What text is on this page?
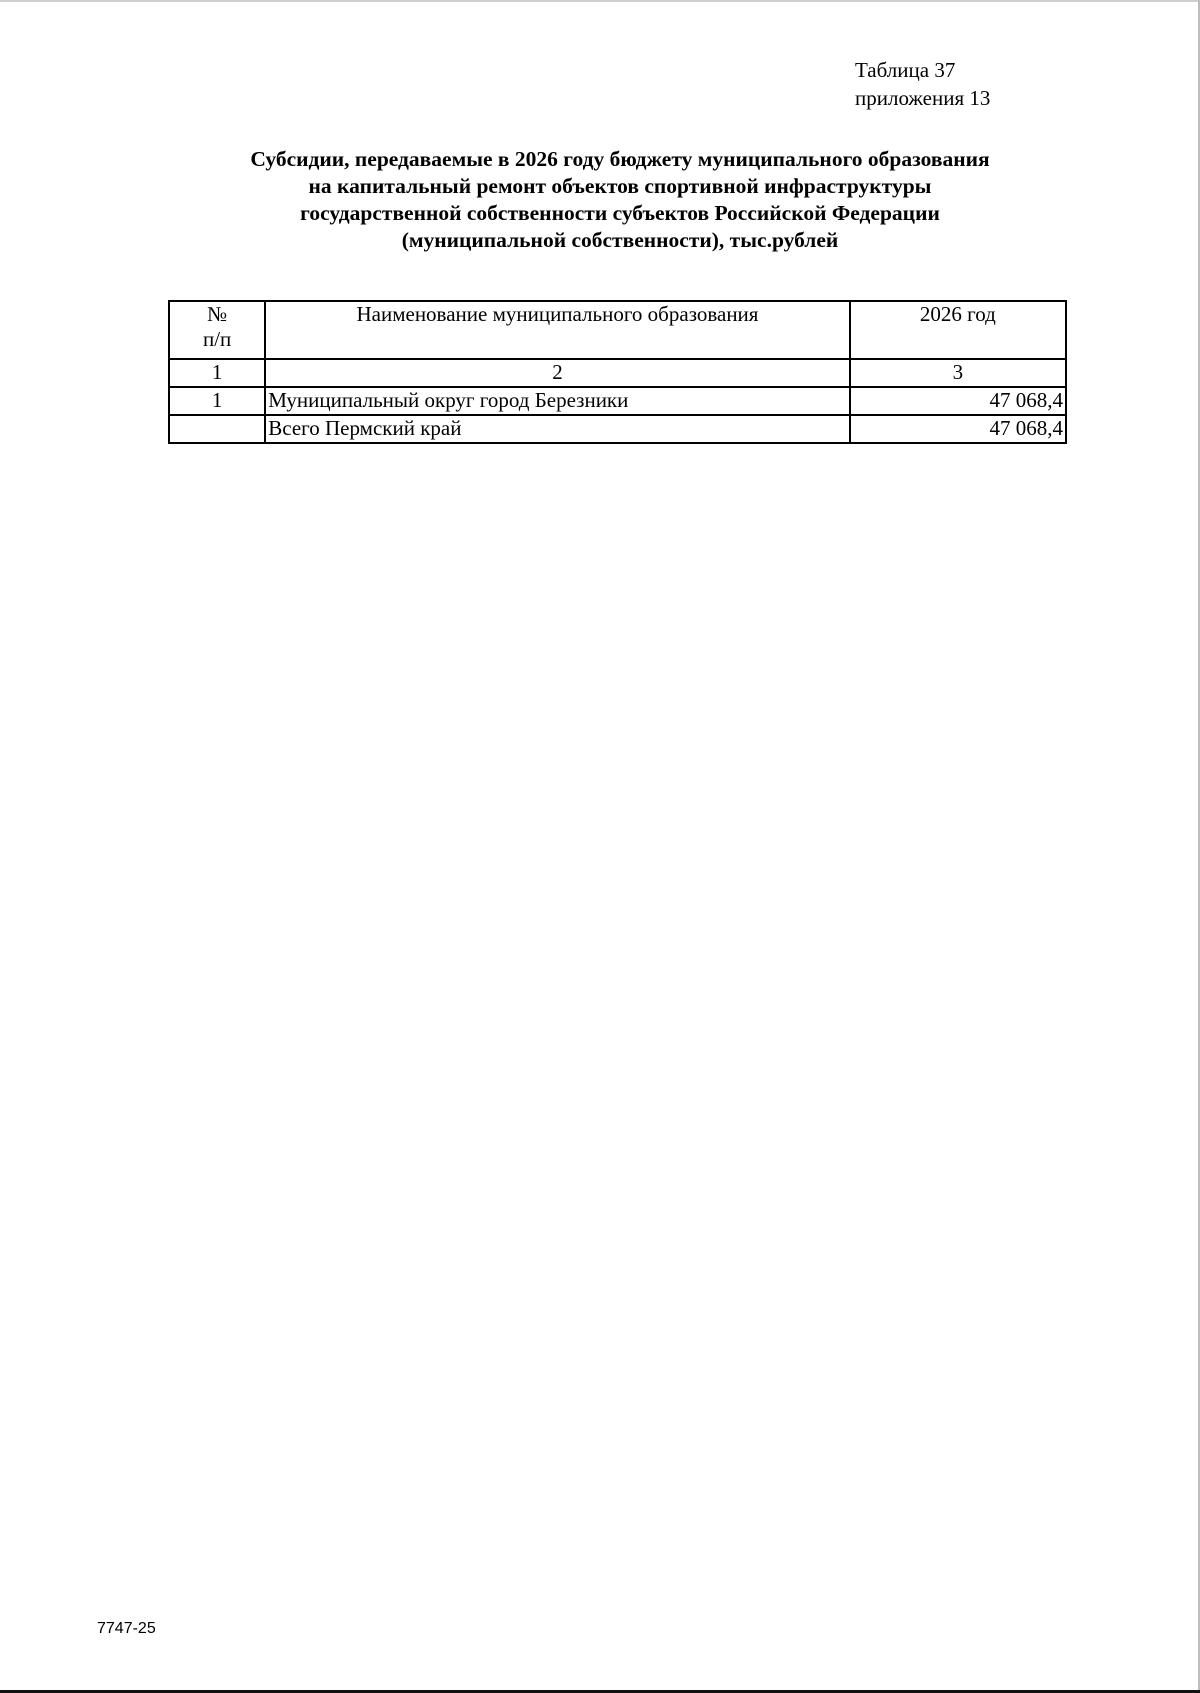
Таблица 37
приложения 13
Субсидии, передаваемые в 2026 году бюджету муниципального образования
на капитальный ремонт объектов спортивной инфраструктуры
государственной собственности субъектов Российской Федерации
(муниципальной собственности), тыс.рублей
№
п/п	Наименование муниципального образования	2026 год
1	2	3
1	Муниципальный округ город Березники	47 068,4
	Всего Пермский край	47 068,4
7747-25
